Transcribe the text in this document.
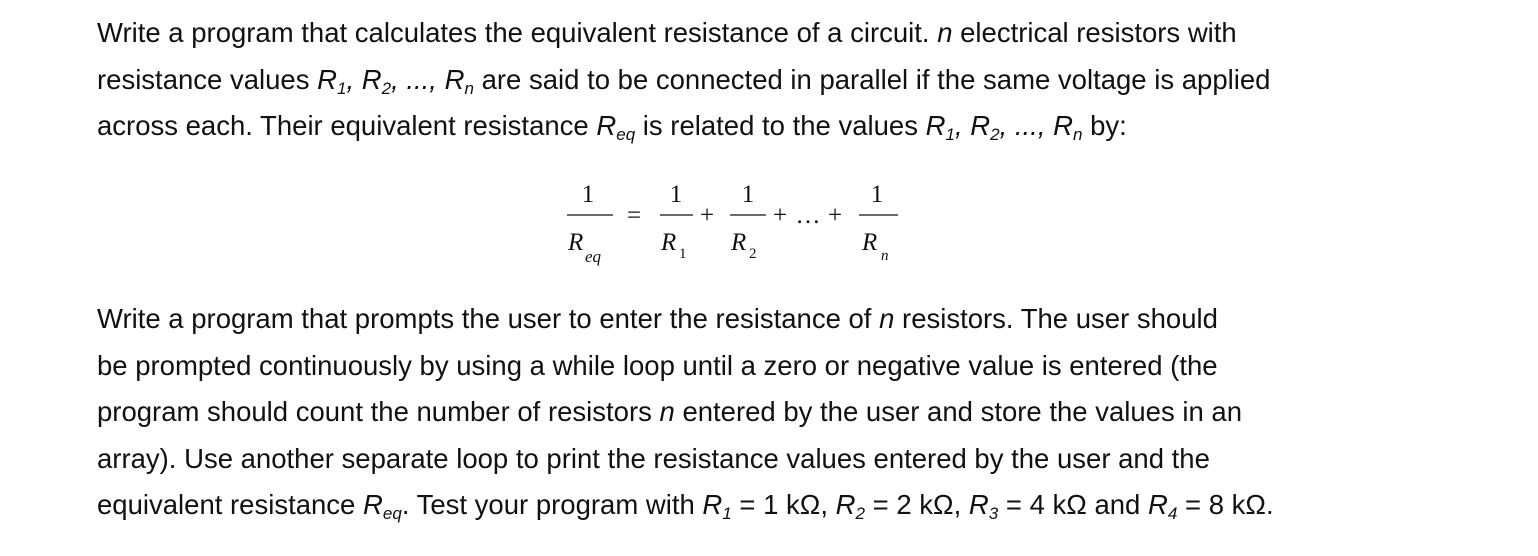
Write a program that calculates the equivalent resistance of a circuit. n electrical resistors with
resistance values $R_1$, $R_2$, ..., $R_n$ are said to be connected in parallel if the same voltage is applied
across each. Their equivalent resistance $R_{eq}$ is related to the values $R_1$, $R_2$, ..., $R_n$ by:

Write a program that prompts the user to enter the resistance of n resistors. The user should
be prompted continuously by using a while loop until a zero or negative value is entered (the
program should count the number of resistors n entered by the user and store the values in an
array). Use another separate loop to print the resistance values entered by the user and the
equivalent resistance $R_{eq}$. Test your program with $R_1 = 1$ kΩ, $R_2 = 2$ kΩ, $R_3 = 4$ kΩ and $R_4 = 8$ kΩ.

1
R
eq
=
1
R 1
+
1
R 2
+ … +
1
R n
